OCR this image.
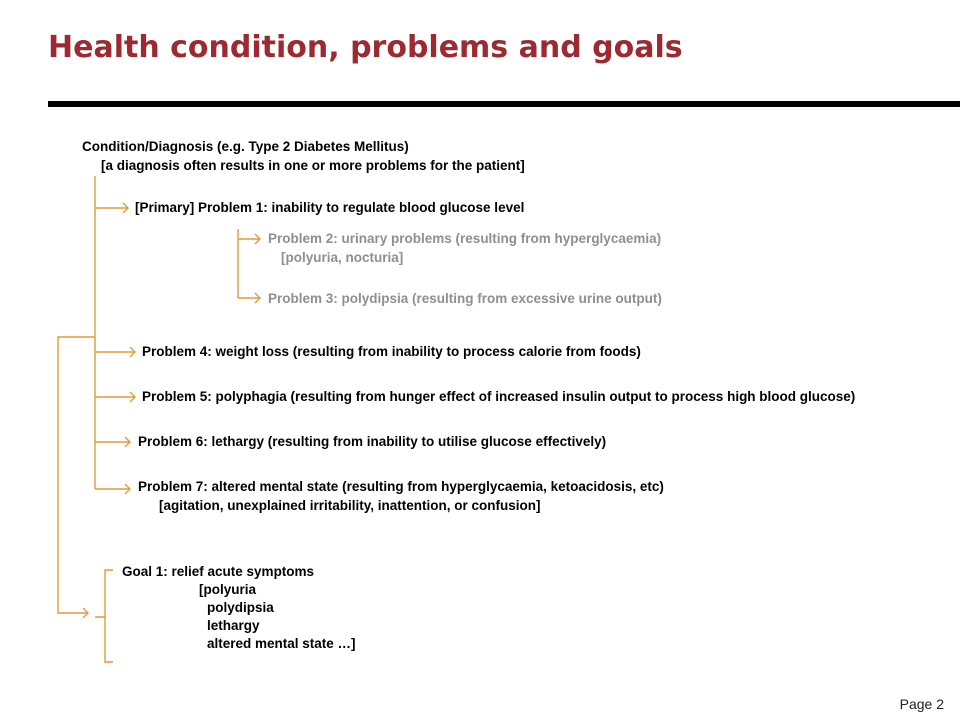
Health condition, problems and goals
Condition/Diagnosis (e.g. Type 2 Diabetes Mellitus)
[a diagnosis often results in one or more problems for the patient]
[Primary] Problem 1: inability to regulate blood glucose level
Problem 2: urinary problems (resulting from hyperglycaemia)
[polyuria, nocturia]
Problem 3: polydipsia (resulting from excessive urine output)
Problem 4: weight loss (resulting from inability to process calorie from foods)
Problem 5: polyphagia (resulting from hunger effect of increased insulin output to process high blood glucose)
Problem 6: lethargy (resulting from inability to utilise glucose effectively)
Problem 7: altered mental state (resulting from hyperglycaemia, ketoacidosis, etc)
[agitation, unexplained irritability, inattention, or confusion]
Goal 1: relief acute symptoms
[polyuria
polydipsia
lethargy
altered mental state …]
Page 2
